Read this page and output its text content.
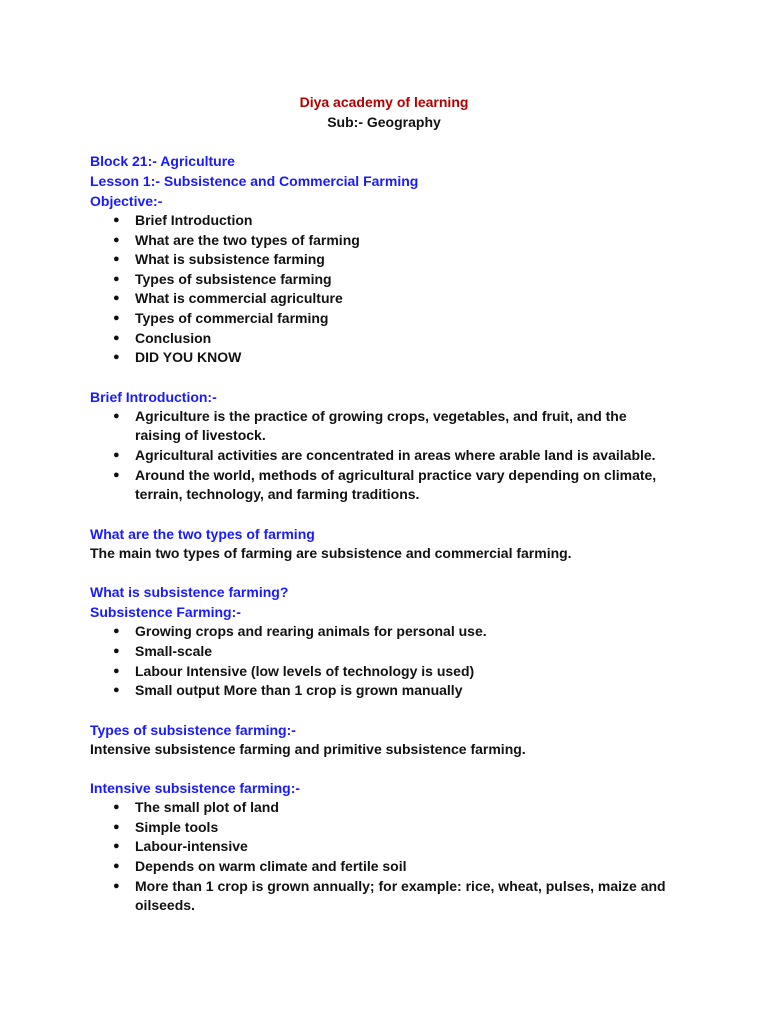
Diya academy of learning
Sub:- Geography
Block 21:- Agriculture
Lesson 1:- Subsistence and Commercial Farming
Objective:-
● Brief Introduction
● What are the two types of farming
● What is subsistence farming
● Types of subsistence farming
● What is commercial agriculture
● Types of commercial farming
● Conclusion
● DID YOU KNOW
Brief Introduction:-
● Agriculture is the practice of growing crops, vegetables, and fruit, and the raising of livestock.
● Agricultural activities are concentrated in areas where arable land is available.
● Around the world, methods of agricultural practice vary depending on climate, terrain, technology, and farming traditions.
What are the two types of farming

The main two types of farming are subsistence and commercial farming.

What is subsistence farming?
Subsistence Farming:-
● Growing crops and rearing animals for personal use.
● Small-scale
● Labour Intensive (low levels of technology is used)
● Small output More than 1 crop is grown manually
Types of subsistence farming:-

Intensive subsistence farming and primitive subsistence farming.

Intensive subsistence farming:-
● The small plot of land
● Simple tools
● Labour-intensive
● Depends on warm climate and fertile soil
● More than 1 crop is grown annually; for example: rice, wheat, pulses, maize and oilseeds.
